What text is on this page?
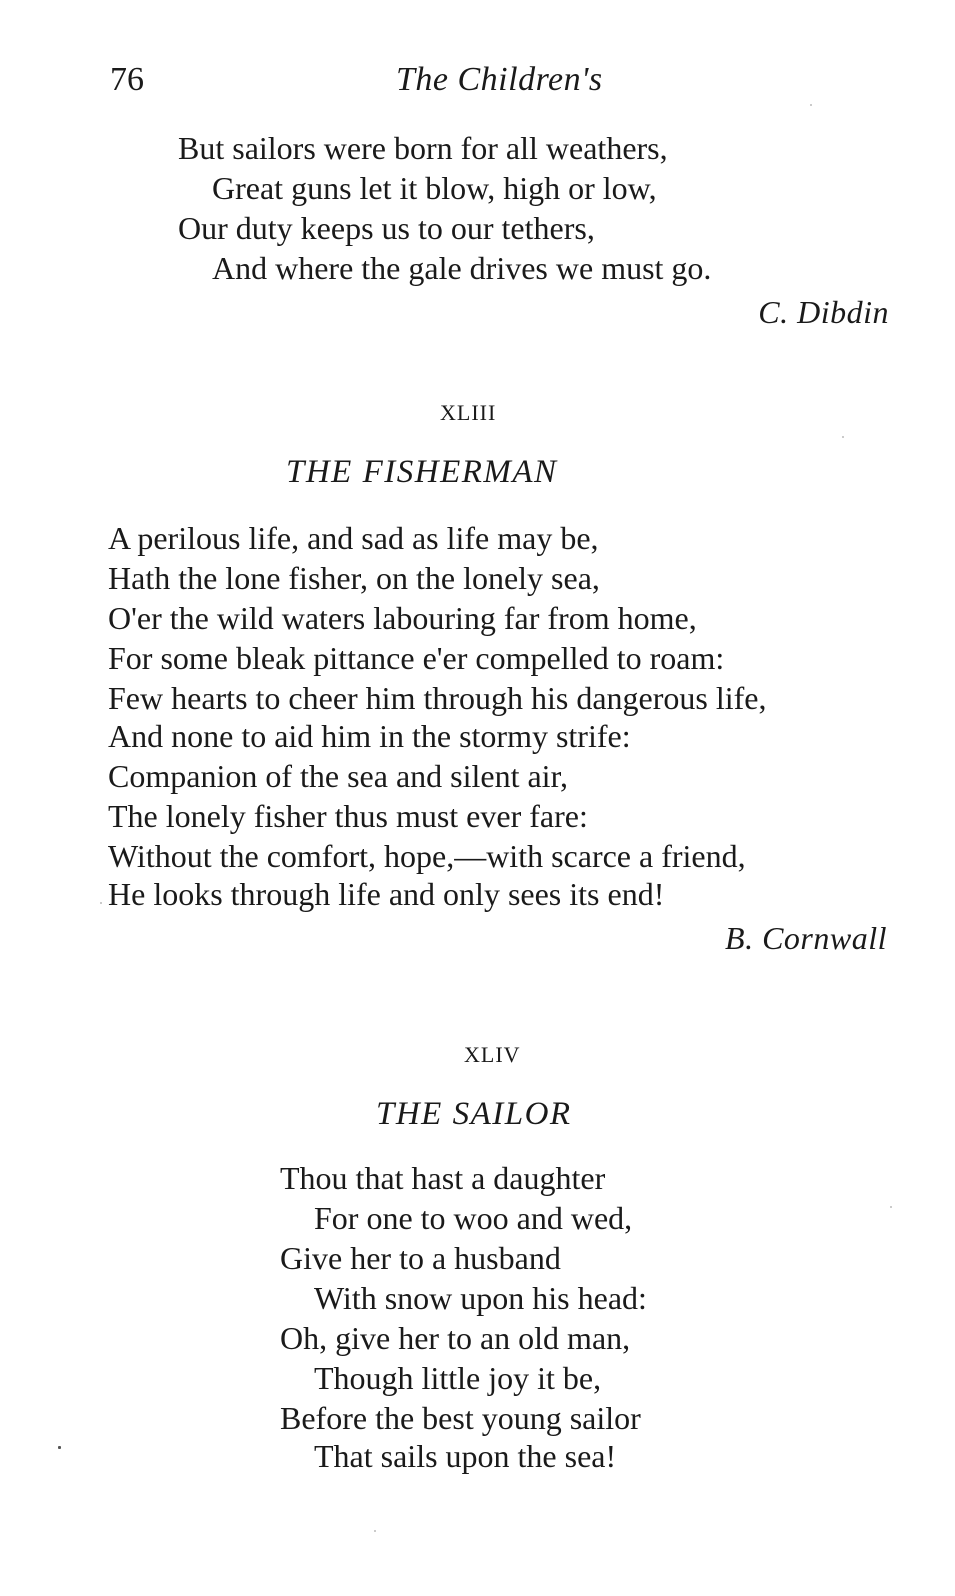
76	The Children's
But sailors were born for all weathers,
Great guns let it blow, high or low,
Our duty keeps us to our tethers,
And where the gale drives we must go.
C. Dibdin
XLIII
THE FISHERMAN
A perilous life, and sad as life may be,
Hath the lone fisher, on the lonely sea,
O'er the wild waters labouring far from home,
For some bleak pittance e'er compelled to roam:
Few hearts to cheer him through his dangerous life,
And none to aid him in the stormy strife:
Companion of the sea and silent air,
The lonely fisher thus must ever fare:
Without the comfort, hope,—with scarce a friend,
He looks through life and only sees its end!
B. Cornwall
XLIV
THE SAILOR
Thou that hast a daughter
For one to woo and wed,
Give her to a husband
With snow upon his head:
Oh, give her to an old man,
Though little joy it be,
Before the best young sailor
That sails upon the sea!
